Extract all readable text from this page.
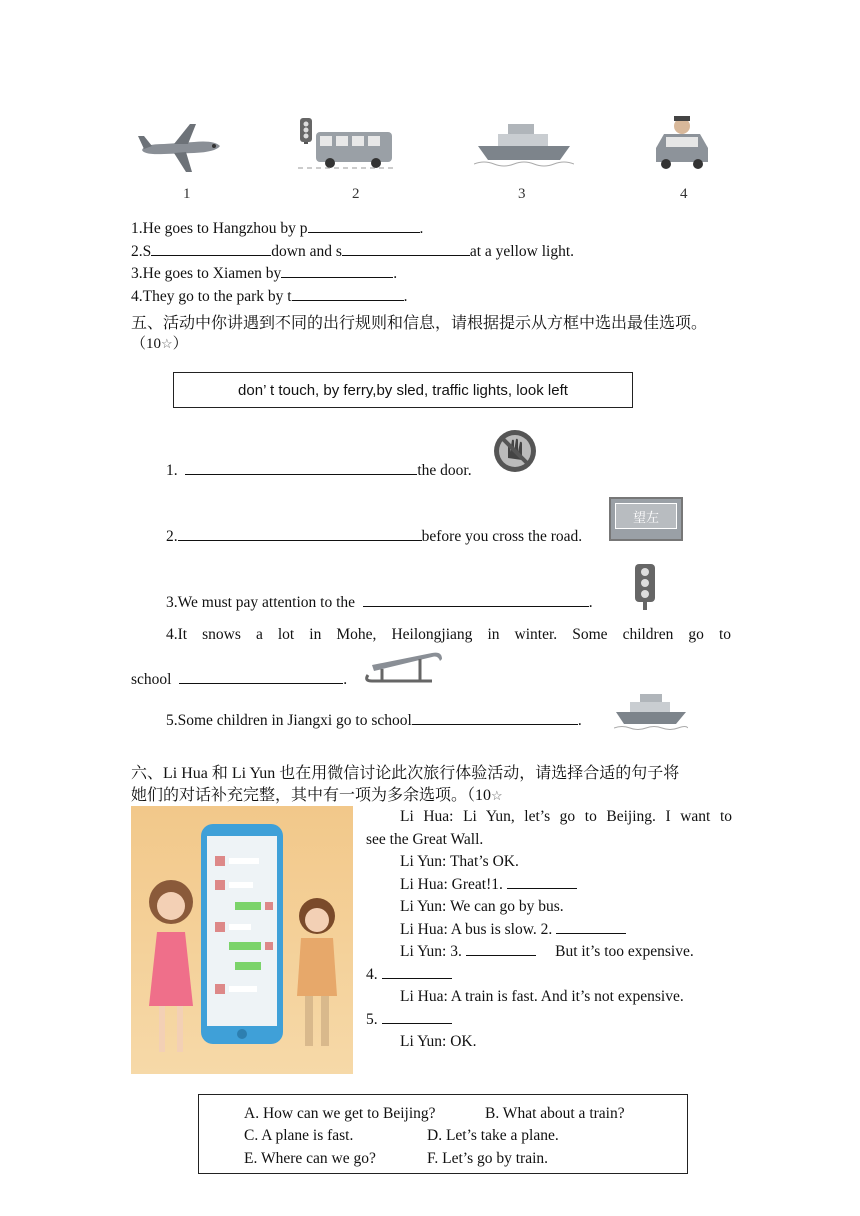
1	2	3	4
1.He goes to Hangzhou by p	.
2.S	down and s	at a yellow light.
3.He goes to Xiamen by	.
4.They go to the park by t	.
五、活动中你讲遇到不同的出行规则和信息，请根据提示从方框中选出最佳选项。
（10☆）
don’ t touch, by ferry,by sled, traffic lights, look left
1.	the door.
2.	before you cross the road.
望左
3.We must pay attention to the	.
4.It snows a lot in Mohe, Heilongjiang in winter. Some children go to
school	.
5.Some children in Jiangxi go to school	.
六、Li Hua 和 Li Yun 也在用微信讨论此次旅行体验活动，请选择合适的句子将
她们的对话补充完整，其中有一项为多余选项。（10☆
Li Hua: Li Yun, let’s go to Beijing. I want to
see the Great Wall.
Li Yun: That’s OK.
Li Hua: Great!1.
Li Yun: We can go by bus.
Li Hua: A bus is slow. 2.
Li Yun: 3.	But it’s too expensive.
4.
Li Hua: A train is fast. And it’s not expensive.
5.
Li Yun: OK.
A. How can we get to Beijing?	B. What about a train?
C. A plane is fast.	D. Let’s take a plane.
E. Where can we go?	F. Let’s go by train.
